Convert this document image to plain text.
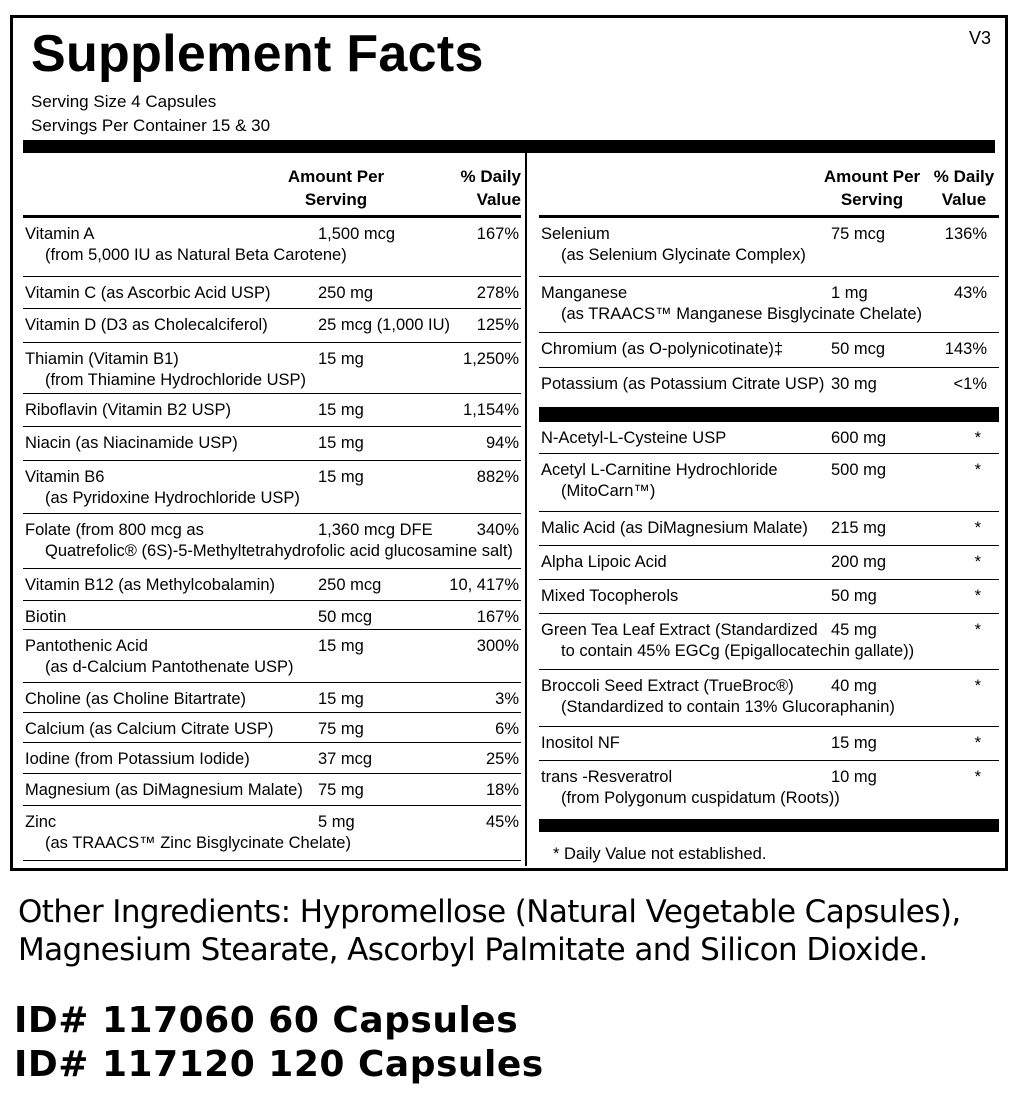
Supplement Facts	V3
Serving Size 4 Capsules
Servings Per Container 15 & 30
Amount Per
Serving
% Daily
Value
Vitamin A
(from 5,000 IU as Natural Beta Carotene)
1,500 mcg	167%
Vitamin C (as Ascorbic Acid USP)	250 mg	278%
Vitamin D (D3 as Cholecalciferol)	25 mcg (1,000 IU) 125%
Thiamin (Vitamin B1)
(from Thiamine Hydrochloride USP)
15 mg	1,250%
Riboflavin (Vitamin B2 USP)	15 mg	1,154%
Niacin (as Niacinamide USP)	15 mg	94%
Vitamin B6
(as Pyridoxine Hydrochloride USP)
15 mg	882%
Folate (from 800 mcg as
Quatrefolic® (6S)-5-Methyltetrahydrofolic acid glucosamine salt)
1,360 mcg DFE	340%
Vitamin B12 (as Methylcobalamin)	250 mcg	10, 417%
Biotin	50 mcg	167%
Pantothenic Acid
(as d-Calcium Pantothenate USP)
15 mg	300%
Choline (as Choline Bitartrate)	15 mg	3%
Calcium (as Calcium Citrate USP)	75 mg	6%
Iodine (from Potassium Iodide)	37 mcg	25%
Magnesium (as DiMagnesium Malate) 75 mg	18%
Zinc
(as TRAACS™ Zinc Bisglycinate Chelate)
5 mg	45%
Amount Per
Serving
% Daily
Value
Selenium
(as Selenium Glycinate Complex)
75 mcg	136%
Manganese
(as TRAACS™ Manganese Bisglycinate Chelate)
1 mg	43%
Chromium (as O-polynicotinate)‡	50 mcg	143%
Potassium (as Potassium Citrate USP) 30 mg	<1%
N-Acetyl-L-Cysteine USP	600 mg	*
Acetyl L-Carnitine Hydrochloride
(MitoCarn™)
500 mg	*
Malic Acid (as DiMagnesium Malate) 215 mg	*
Alpha Lipoic Acid	200 mg	*
Mixed Tocopherols	50 mg	*
Green Tea Leaf Extract (Standardized
to contain 45% EGCg (Epigallocatechin gallate))
45 mg	*
Broccoli Seed Extract (TrueBroc®)
(Standardized to contain 13% Glucoraphanin)
40 mg	*
Inositol NF	15 mg	*
trans -Resveratrol
(from Polygonum cuspidatum (Roots))
10 mg	*
* Daily Value not established.
Other Ingredients: Hypromellose (Natural Vegetable Capsules), Magnesium Stearate, Ascorbyl Palmitate and Silicon Dioxide.
ID# 117060 60 Capsules
ID# 117120 120 Capsules
